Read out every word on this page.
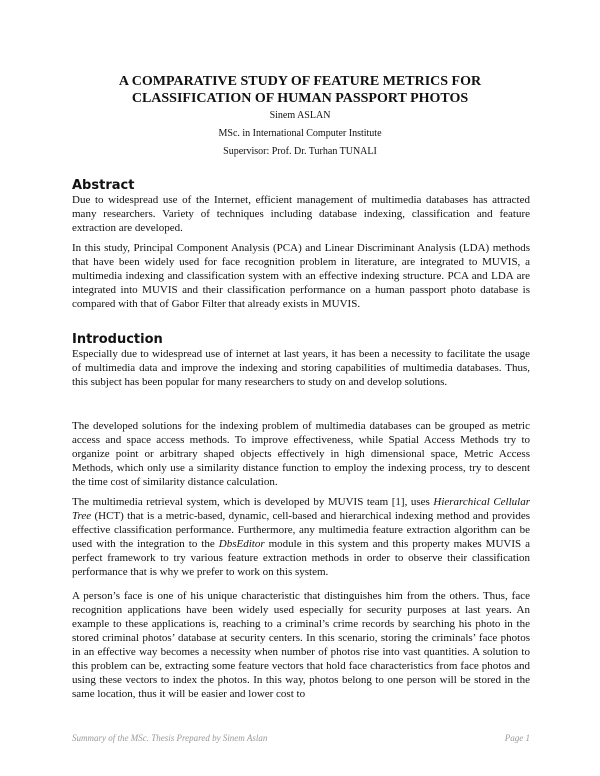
A COMPARATIVE STUDY OF FEATURE METRICS FOR
CLASSIFICATION OF HUMAN PASSPORT PHOTOS

Sinem ASLAN

MSc. in International Computer Institute

Supervisor: Prof. Dr. Turhan TUNALI

Abstract

Due to widespread use of the Internet, efficient management of multimedia databases has attracted many researchers. Variety of techniques including database indexing, classification and feature extraction are developed.

In this study, Principal Component Analysis (PCA) and Linear Discriminant Analysis (LDA) methods that have been widely used for face recognition problem in literature, are integrated to MUVIS, a multimedia indexing and classification system with an effective indexing structure. PCA and LDA are integrated into MUVIS and their classification performance on a human passport photo database is compared with that of Gabor Filter that already exists in MUVIS.

Introduction

Especially due to widespread use of internet at last years, it has been a necessity to facilitate the usage of multimedia data and improve the indexing and storing capabilities of multimedia databases. Thus, this subject has been popular for many researchers to study on and develop solutions.

The developed solutions for the indexing problem of multimedia databases can be grouped as metric access and space access methods. To improve effectiveness, while Spatial Access Methods try to organize point or arbitrary shaped objects effectively in high dimensional space, Metric Access Methods, which only use a similarity distance function to employ the indexing process, try to descent the time cost of similarity distance calculation.

The multimedia retrieval system, which is developed by MUVIS team [1], uses Hierarchical Cellular Tree (HCT) that is a metric-based, dynamic, cell-based and hierarchical indexing method and provides effective classification performance. Furthermore, any multimedia feature extraction algorithm can be used with the integration to the DbsEditor module in this system and this property makes MUVIS a perfect framework to try various feature extraction methods in order to observe their classification performance that is why we prefer to work on this system.

A person’s face is one of his unique characteristic that distinguishes him from the others. Thus, face recognition applications have been widely used especially for security purposes at last years. An example to these applications is, reaching to a criminal’s crime records by searching his photo in the stored criminal photos’ database at security centers. In this scenario, storing the criminals’ face photos in an effective way becomes a necessity when number of photos rise into vast quantities. A solution to this problem can be, extracting some feature vectors that hold face characteristics from face photos and using these vectors to index the photos. In this way, photos belong to one person will be stored in the same location, thus it will be easier and lower cost to

Summary of the MSc. Thesis Prepared by Sinem Aslan	Page 1
